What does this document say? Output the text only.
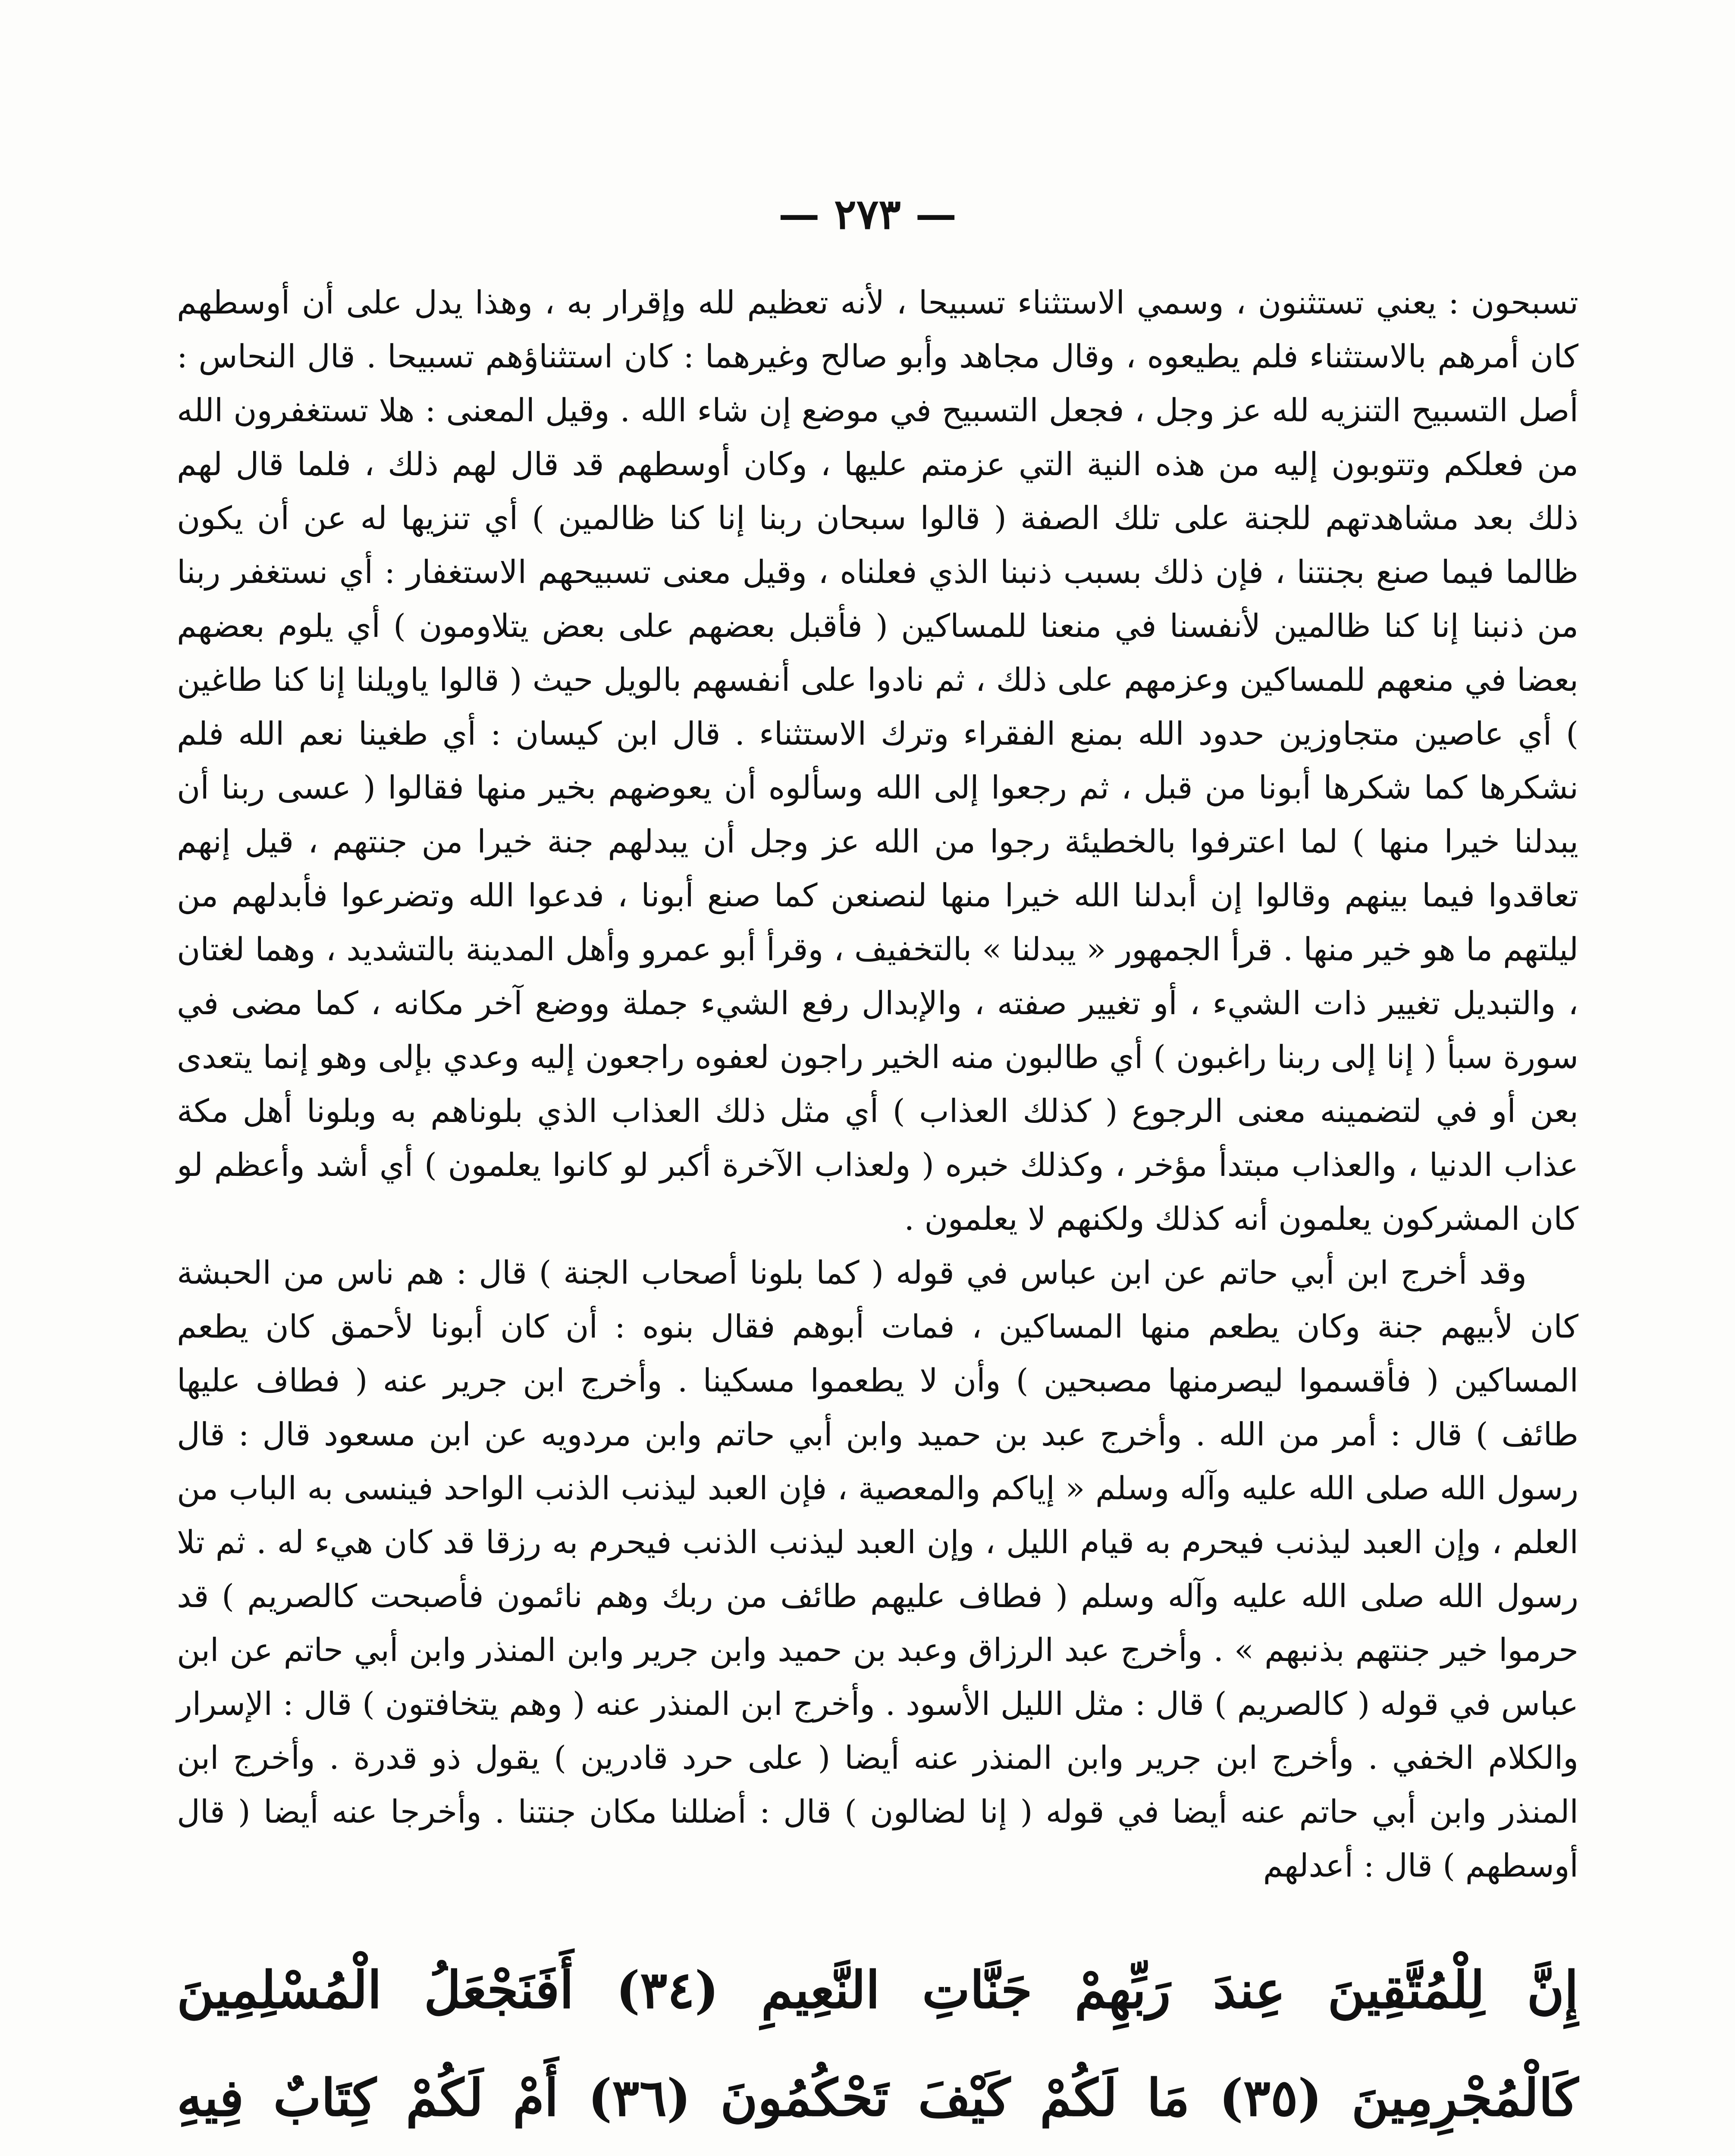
— ٢٧٣ —

تسبحون : يعني تستثنون ، وسمي الاستثناء تسبيحا ، لأنه تعظيم لله وإقرار به ، وهذا يدل على أن أوسطهم كان أمرهم بالاستثناء فلم يطيعوه ، وقال مجاهد وأبو صالح وغيرهما : كان استثناؤهم تسبيحا . قال النحاس : أصل التسبيح التنزيه لله عز وجل ، فجعل التسبيح في موضع إن شاء الله . وقيل المعنى : هلا تستغفرون الله من فعلكم وتتوبون إليه من هذه النية التي عزمتم عليها ، وكان أوسطهم قد قال لهم ذلك ، فلما قال لهم ذلك بعد مشاهدتهم للجنة على تلك الصفة ( قالوا سبحان ربنا إنا كنا ظالمين ) أي تنزيها له عن أن يكون ظالما فيما صنع بجنتنا ، فإن ذلك بسبب ذنبنا الذي فعلناه ، وقيل معنى تسبيحهم الاستغفار : أي نستغفر ربنا من ذنبنا إنا كنا ظالمين لأنفسنا في منعنا للمساكين ( فأقبل بعضهم على بعض يتلاومون ) أي يلوم بعضهم بعضا في منعهم للمساكين وعزمهم على ذلك ، ثم نادوا على أنفسهم بالويل حيث ( قالوا ياويلنا إنا كنا طاغين ) أي عاصين متجاوزين حدود الله بمنع الفقراء وترك الاستثناء . قال ابن كيسان : أي طغينا نعم الله فلم نشكرها كما شكرها أبونا من قبل ، ثم رجعوا إلى الله وسألوه أن يعوضهم بخير منها فقالوا ( عسى ربنا أن يبدلنا خيرا منها ) لما اعترفوا بالخطيئة رجوا من الله عز وجل أن يبدلهم جنة خيرا من جنتهم ، قيل إنهم تعاقدوا فيما بينهم وقالوا إن أبدلنا الله خيرا منها لنصنعن كما صنع أبونا ، فدعوا الله وتضرعوا فأبدلهم من ليلتهم ما هو خير منها . قرأ الجمهور « يبدلنا » بالتخفيف ، وقرأ أبو عمرو وأهل المدينة بالتشديد ، وهما لغتان ، والتبديل تغيير ذات الشيء ، أو تغيير صفته ، والإبدال رفع الشيء جملة ووضع آخر مكانه ، كما مضى في سورة سبأ ( إنا إلى ربنا راغبون ) أي طالبون منه الخير راجون لعفوه راجعون إليه وعدي بإلى وهو إنما يتعدى بعن أو في لتضمينه معنى الرجوع ( كذلك العذاب ) أي مثل ذلك العذاب الذي بلوناهم به وبلونا أهل مكة عذاب الدنيا ، والعذاب مبتدأ مؤخر ، وكذلك خبره ( ولعذاب الآخرة أكبر لو كانوا يعلمون ) أي أشد وأعظم لو كان المشركون يعلمون أنه كذلك ولكنهم لا يعلمون .

وقد أخرج ابن أبي حاتم عن ابن عباس في قوله ( كما بلونا أصحاب الجنة ) قال : هم ناس من الحبشة كان لأبيهم جنة وكان يطعم منها المساكين ، فمات أبوهم فقال بنوه : أن كان أبونا لأحمق كان يطعم المساكين ( فأقسموا ليصرمنها مصبحين ) وأن لا يطعموا مسكينا . وأخرج ابن جرير عنه ( فطاف عليها طائف ) قال : أمر من الله . وأخرج عبد بن حميد وابن أبي حاتم وابن مردويه عن ابن مسعود قال : قال رسول الله صلى الله عليه وآله وسلم « إياكم والمعصية ، فإن العبد ليذنب الذنب الواحد فينسى به الباب من العلم ، وإن العبد ليذنب فيحرم به قيام الليل ، وإن العبد ليذنب الذنب فيحرم به رزقا قد كان هيء له . ثم تلا رسول الله صلى الله عليه وآله وسلم ( فطاف عليهم طائف من ربك وهم نائمون فأصبحت كالصريم ) قد حرموا خير جنتهم بذنبهم » . وأخرج عبد الرزاق وعبد بن حميد وابن جرير وابن المنذر وابن أبي حاتم عن ابن عباس في قوله ( كالصريم ) قال : مثل الليل الأسود . وأخرج ابن المنذر عنه ( وهم يتخافتون ) قال : الإسرار والكلام الخفي . وأخرج ابن جرير وابن المنذر عنه أيضا ( على حرد قادرين ) يقول ذو قدرة . وأخرج ابن المنذر وابن أبي حاتم عنه أيضا في قوله ( إنا لضالون ) قال : أضللنا مكان جنتنا . وأخرجا عنه أيضا ( قال أوسطهم ) قال : أعدلهم

إِنَّ لِلْمُتَّقِينَ عِندَ رَبِّهِمْ جَنَّاتِ النَّعِيمِ (٣٤) أَفَنَجْعَلُ الْمُسْلِمِينَ كَالْمُجْرِمِينَ (٣٥) مَا لَكُمْ كَيْفَ تَحْكُمُونَ (٣٦) أَمْ لَكُمْ كِتَابٌ فِيهِ
